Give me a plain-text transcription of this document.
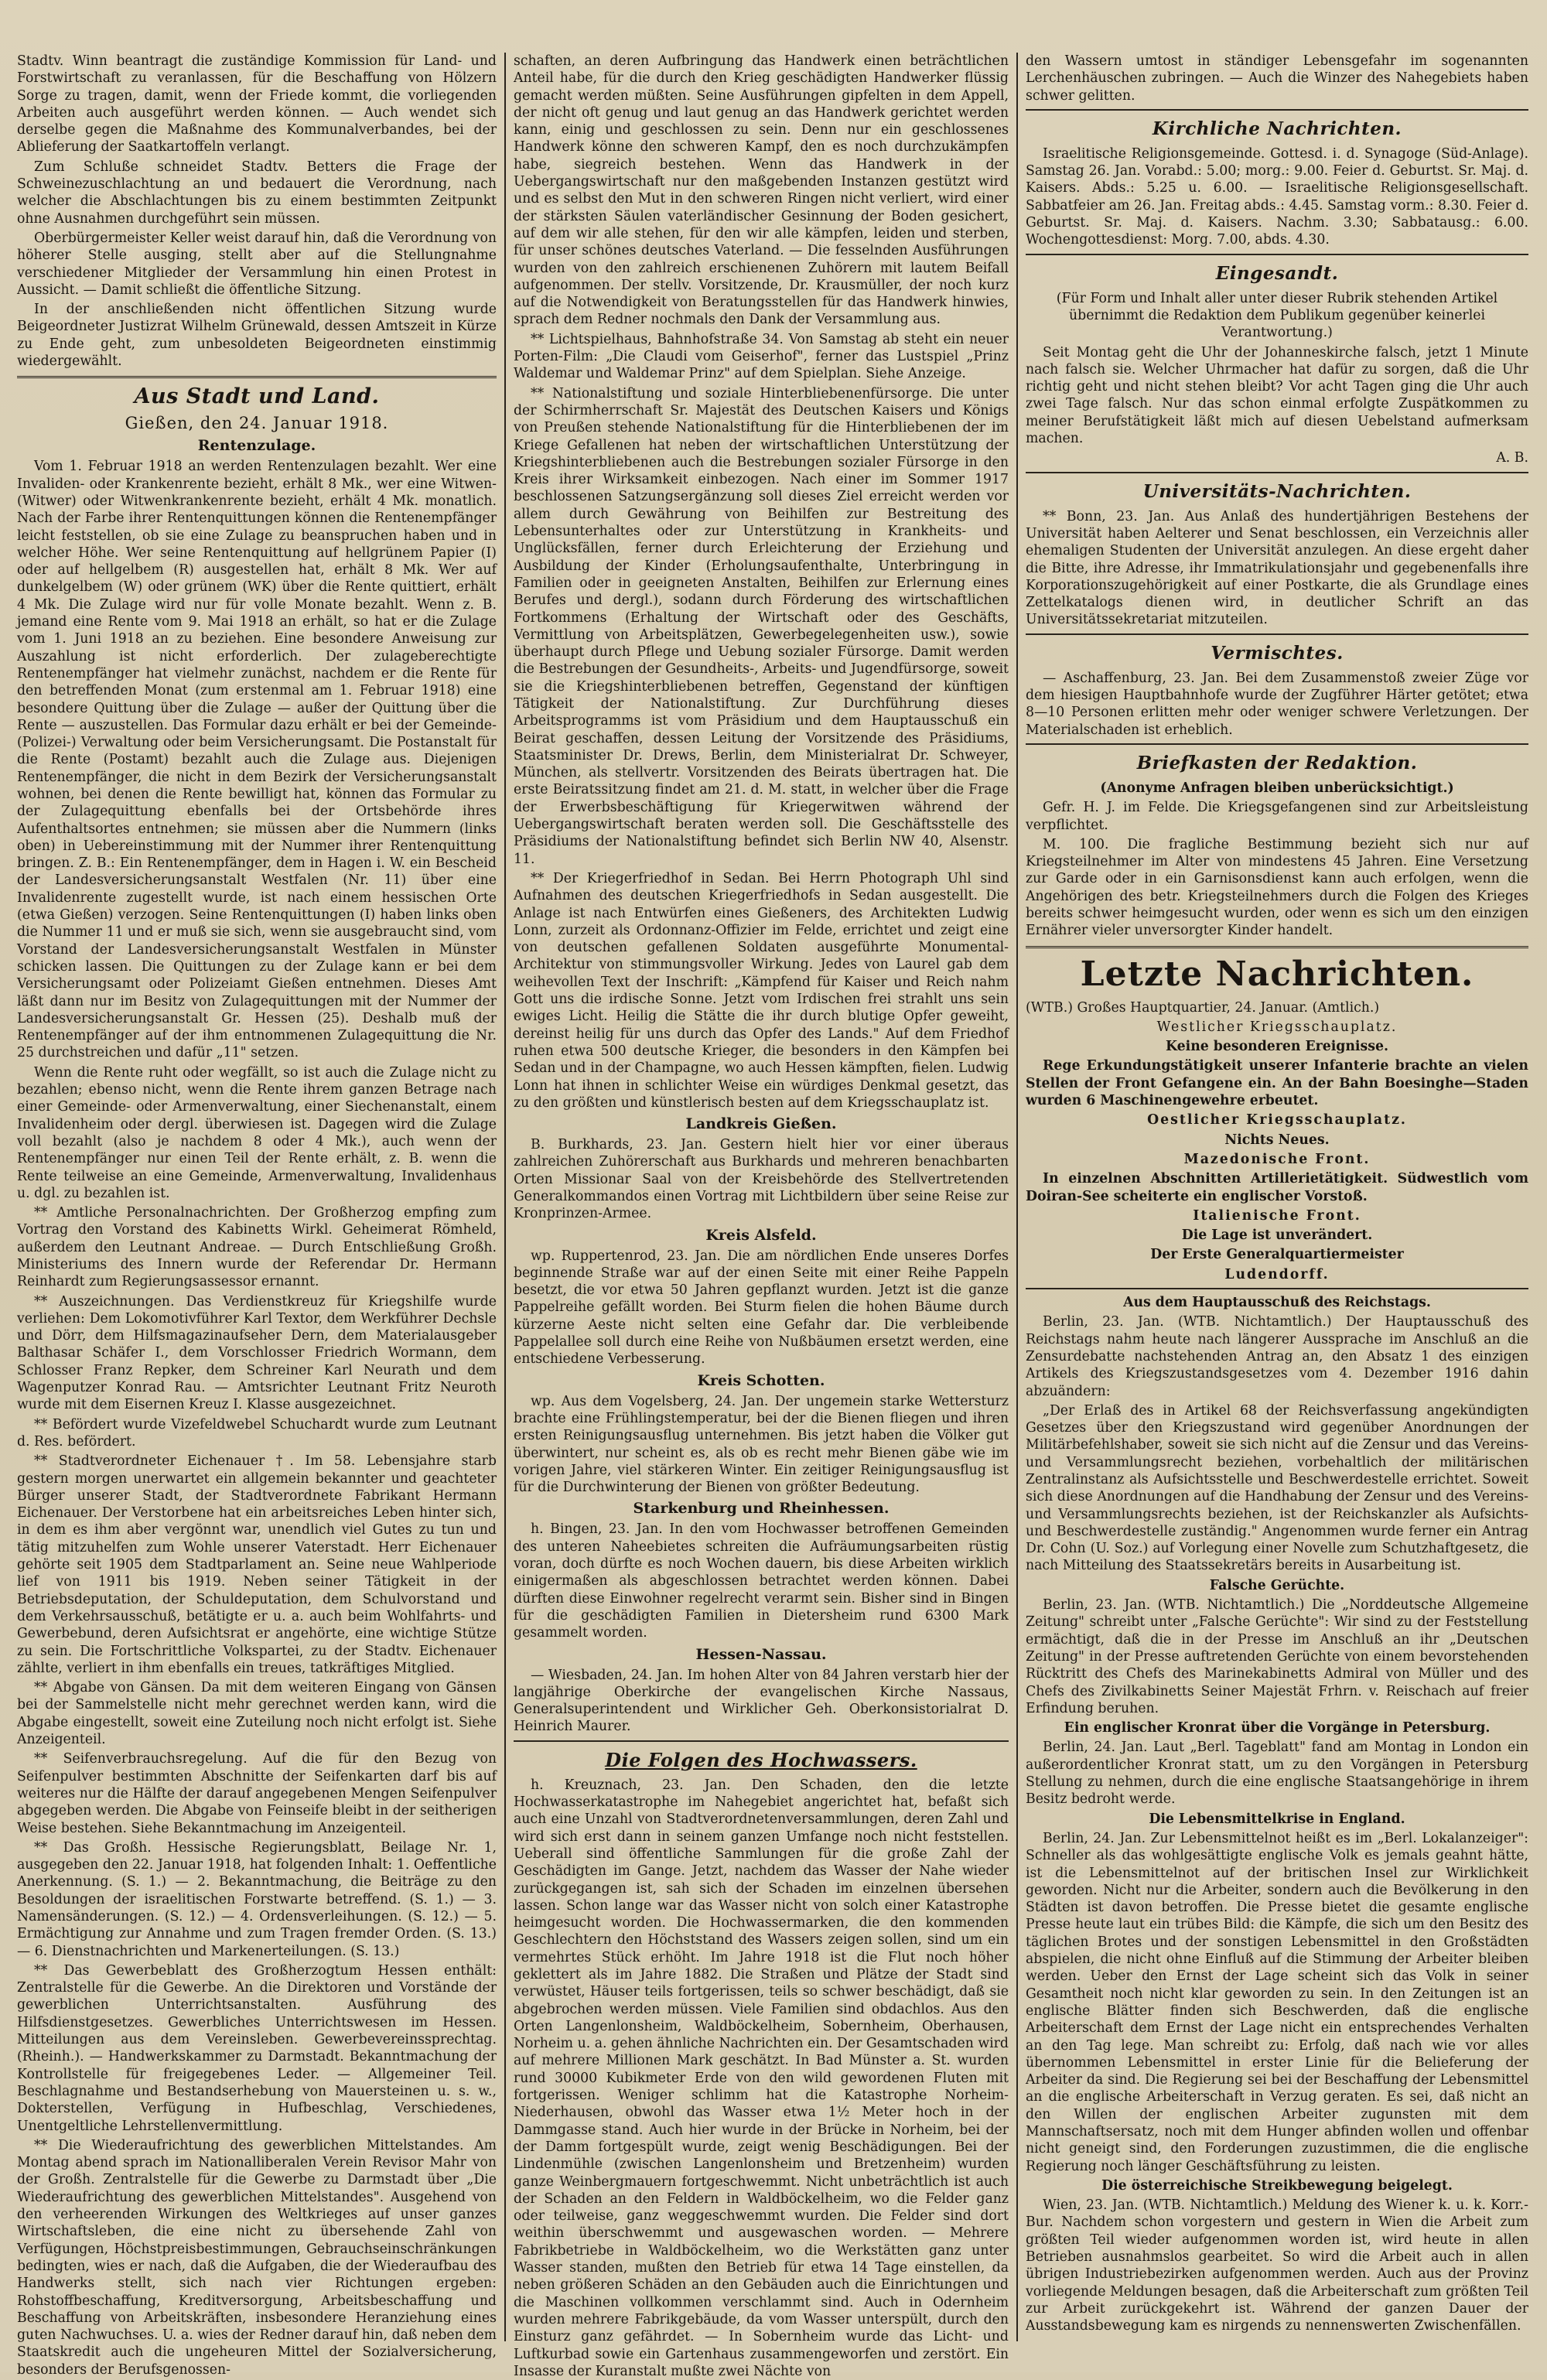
Stadtv. Winn beantragt die zuständige Kommission für Land- und Forstwirtschaft zu veranlassen, für die Beschaffung von Hölzern Sorge zu tragen, damit, wenn der Friede kommt, die vorliegenden Arbeiten auch ausgeführt werden können. — Auch wendet sich derselbe gegen die Maßnahme des Kommunalverbandes, bei der Ablieferung der Saatkartoffeln verlangt.

Zum Schluße schneidet Stadtv. Betters die Frage der Schweinezuschlachtung an und bedauert die Verordnung, nach welcher die Abschlachtungen bis zu einem bestimmten Zeitpunkt ohne Ausnahmen durchgeführt sein müssen.

Oberbürgermeister Keller weist darauf hin, daß die Verordnung von höherer Stelle ausging, stellt aber auf die Stellungnahme verschiedener Mitglieder der Versammlung hin einen Protest in Aussicht. — Damit schließt die öffentliche Sitzung.

In der anschließenden nicht öffentlichen Sitzung wurde Beigeordneter Justizrat Wilhelm Grünewald, dessen Amtszeit in Kürze zu Ende geht, zum unbesoldeten Beigeordneten einstimmig wiedergewählt.

Aus Stadt und Land.
Gießen, den 24. Januar 1918.
Rentenzulage.

Vom 1. Februar 1918 an werden Rentenzulagen bezahlt. Wer eine Invaliden- oder Krankenrente bezieht, erhält 8 Mk., wer eine Witwen- (Witwer) oder Witwenkrankenrente bezieht, erhält 4 Mk. monatlich. Nach der Farbe ihrer Rentenquittungen können die Rentenempfänger leicht feststellen, ob sie eine Zulage zu beanspruchen haben und in welcher Höhe. Wer seine Rentenquittung auf hellgrünem Papier (I) oder auf hellgelbem (R) ausgestellen hat, erhält 8 Mk. Wer auf dunkelgelbem (W) oder grünem (WK) über die Rente quittiert, erhält 4 Mk. Die Zulage wird nur für volle Monate bezahlt. Wenn z. B. jemand eine Rente vom 9. Mai 1918 an erhält, so hat er die Zulage vom 1. Juni 1918 an zu beziehen. Eine besondere Anweisung zur Auszahlung ist nicht erforderlich. Der zulageberechtigte Rentenempfänger hat vielmehr zunächst, nachdem er die Rente für den betreffenden Monat (zum erstenmal am 1. Februar 1918) eine besondere Quittung über die Zulage — außer der Quittung über die Rente — auszustellen. Das Formular dazu erhält er bei der Gemeinde- (Polizei-) Verwaltung oder beim Versicherungsamt. Die Postanstalt für die Rente (Postamt) bezahlt auch die Zulage aus. Diejenigen Rentenempfänger, die nicht in dem Bezirk der Versicherungsanstalt wohnen, bei denen die Rente bewilligt hat, können das Formular zu der Zulagequittung ebenfalls bei der Ortsbehörde ihres Aufenthaltsortes entnehmen; sie müssen aber die Nummern (links oben) in Uebereinstimmung mit der Nummer ihrer Rentenquittung bringen. Z. B.: Ein Rentenempfänger, dem in Hagen i. W. ein Bescheid der Landesversicherungsanstalt Westfalen (Nr. 11) über eine Invalidenrente zugestellt wurde, ist nach einem hessischen Orte (etwa Gießen) verzogen. Seine Rentenquittungen (I) haben links oben die Nummer 11 und er muß sie sich, wenn sie ausgebraucht sind, vom Vorstand der Landesversicherungsanstalt Westfalen in Münster schicken lassen. Die Quittungen zu der Zulage kann er bei dem Versicherungsamt oder Polizeiamt Gießen entnehmen. Dieses Amt läßt dann nur im Besitz von Zulagequittungen mit der Nummer der Landesversicherungsanstalt Gr. Hessen (25). Deshalb muß der Rentenempfänger auf der ihm entnommenen Zulagequittung die Nr. 25 durchstreichen und dafür „11" setzen.

Wenn die Rente ruht oder wegfällt, so ist auch die Zulage nicht zu bezahlen; ebenso nicht, wenn die Rente ihrem ganzen Betrage nach einer Gemeinde- oder Armenverwaltung, einer Siechenanstalt, einem Invalidenheim oder dergl. überwiesen ist. Dagegen wird die Zulage voll bezahlt (also je nachdem 8 oder 4 Mk.), auch wenn der Rentenempfänger nur einen Teil der Rente erhält, z. B. wenn die Rente teilweise an eine Gemeinde, Armenverwaltung, Invalidenhaus u. dgl. zu bezahlen ist.

** Amtliche Personalnachrichten. Der Großherzog empfing zum Vortrag den Vorstand des Kabinetts Wirkl. Geheimerat Römheld, außerdem den Leutnant Andreae. — Durch Entschließung Großh. Ministeriums des Innern wurde der Referendar Dr. Hermann Reinhardt zum Regierungsassessor ernannt.

** Auszeichnungen. Das Verdienstkreuz für Kriegshilfe wurde verliehen: Dem Lokomotivführer Karl Textor, dem Werkführer Dechsle und Dörr, dem Hilfsmagazinaufseher Dern, dem Materialausgeber Balthasar Schäfer I., dem Vorschlosser Friedrich Wormann, dem Schlosser Franz Repker, dem Schreiner Karl Neurath und dem Wagenputzer Konrad Rau. — Amtsrichter Leutnant Fritz Neuroth wurde mit dem Eisernen Kreuz I. Klasse ausgezeichnet.

** Befördert wurde Vizefeldwebel Schuchardt wurde zum Leutnant d. Res. befördert.

** Stadtverordneter Eichenauer †. Im 58. Lebensjahre starb gestern morgen unerwartet ein allgemein bekannter und geachteter Bürger unserer Stadt, der Stadtverordnete Fabrikant Hermann Eichenauer. Der Verstorbene hat ein arbeitsreiches Leben hinter sich, in dem es ihm aber vergönnt war, unendlich viel Gutes zu tun und tätig mitzuhelfen zum Wohle unserer Vaterstadt. Herr Eichenauer gehörte seit 1905 dem Stadtparlament an. Seine neue Wahlperiode lief von 1911 bis 1919. Neben seiner Tätigkeit in der Betriebsdeputation, der Schuldeputation, dem Schulvorstand und dem Verkehrsausschuß, betätigte er u. a. auch beim Wohlfahrts- und Gewerbebund, deren Aufsichtsrat er angehörte, eine wichtige Stütze zu sein. Die Fortschrittliche Volkspartei, zu der Stadtv. Eichenauer zählte, verliert in ihm ebenfalls ein treues, tatkräftiges Mitglied.

** Abgabe von Gänsen. Da mit dem weiteren Eingang von Gänsen bei der Sammelstelle nicht mehr gerechnet werden kann, wird die Abgabe eingestellt, soweit eine Zuteilung noch nicht erfolgt ist. Siehe Anzeigenteil.

** Seifenverbrauchsregelung. Auf die für den Bezug von Seifenpulver bestimmten Abschnitte der Seifenkarten darf bis auf weiteres nur die Hälfte der darauf angegebenen Mengen Seifenpulver abgegeben werden. Die Abgabe von Feinseife bleibt in der seitherigen Weise bestehen. Siehe Bekanntmachung im Anzeigenteil.

** Das Großh. Hessische Regierungsblatt, Beilage Nr. 1, ausgegeben den 22. Januar 1918, hat folgenden Inhalt: 1. Oeffentliche Anerkennung. (S. 1.) — 2. Bekanntmachung, die Beiträge zu den Besoldungen der israelitischen Forstwarte betreffend. (S. 1.) — 3. Namensänderungen. (S. 12.) — 4. Ordensverleihungen. (S. 12.) — 5. Ermächtigung zur Annahme und zum Tragen fremder Orden. (S. 13.) — 6. Dienstnachrichten und Markenerteilungen. (S. 13.)

** Das Gewerbeblatt des Großherzogtum Hessen enthält: Zentralstelle für die Gewerbe. An die Direktoren und Vorstände der gewerblichen Unterrichtsanstalten. Ausführung des Hilfsdienstgesetzes. Gewerbliches Unterrichtswesen im Hessen. Mitteilungen aus dem Vereinsleben. Gewerbevereinssprechtag. (Rheinh.). — Handwerkskammer zu Darmstadt. Bekanntmachung der Kontrollstelle für freigegebenes Leder. — Allgemeiner Teil. Beschlagnahme und Bestandserhebung von Mauersteinen u. s. w., Dokterstellen, Verfügung in Hufbeschlag, Verschiedenes, Unentgeltliche Lehrstellenvermittlung.

** Die Wiederaufrichtung des gewerblichen Mittelstandes. Am Montag abend sprach im Nationalliberalen Verein Revisor Mahr von der Großh. Zentralstelle für die Gewerbe zu Darmstadt über „Die Wiederaufrichtung des gewerblichen Mittelstandes". Ausgehend von den verheerenden Wirkungen des Weltkrieges auf unser ganzes Wirtschaftsleben, die eine nicht zu übersehende Zahl von Verfügungen, Höchstpreisbestimmungen, Gebrauchseinschränkungen bedingten, wies er nach, daß die Aufgaben, die der Wiederaufbau des Handwerks stellt, sich nach vier Richtungen ergeben: Rohstoffbeschaffung, Kreditversorgung, Arbeitsbeschaffung und Beschaffung von Arbeitskräften, insbesondere Heranziehung eines guten Nachwuchses. U. a. wies der Redner darauf hin, daß neben dem Staatskredit auch die ungeheuren Mittel der Sozialversicherung, besonders der Berufsgenossen-

schaften, an deren Aufbringung das Handwerk einen beträchtlichen Anteil habe, für die durch den Krieg geschädigten Handwerker flüssig gemacht werden müßten. Seine Ausführungen gipfelten in dem Appell, der nicht oft genug und laut genug an das Handwerk gerichtet werden kann, einig und geschlossen zu sein. Denn nur ein geschlossenes Handwerk könne den schweren Kampf, den es noch durchzukämpfen habe, siegreich bestehen. Wenn das Handwerk in der Uebergangswirtschaft nur den maßgebenden Instanzen gestützt wird und es selbst den Mut in den schweren Ringen nicht verliert, wird einer der stärksten Säulen vaterländischer Gesinnung der Boden gesichert, auf dem wir alle stehen, für den wir alle kämpfen, leiden und sterben, für unser schönes deutsches Vaterland. — Die fesselnden Ausführungen wurden von den zahlreich erschienenen Zuhörern mit lautem Beifall aufgenommen. Der stellv. Vorsitzende, Dr. Krausmüller, der noch kurz auf die Notwendigkeit von Beratungsstellen für das Handwerk hinwies, sprach dem Redner nochmals den Dank der Versammlung aus.

** Lichtspielhaus, Bahnhofstraße 34. Von Samstag ab steht ein neuer Porten-Film: „Die Claudi vom Geiserhof", ferner das Lustspiel „Prinz Waldemar und Waldemar Prinz" auf dem Spielplan. Siehe Anzeige.

** Nationalstiftung und soziale Hinterbliebenenfürsorge. Die unter der Schirmherrschaft Sr. Majestät des Deutschen Kaisers und Königs von Preußen stehende Nationalstiftung für die Hinterbliebenen der im Kriege Gefallenen hat neben der wirtschaftlichen Unterstützung der Kriegshinterbliebenen auch die Bestrebungen sozialer Fürsorge in den Kreis ihrer Wirksamkeit einbezogen. Nach einer im Sommer 1917 beschlossenen Satzungsergänzung soll dieses Ziel erreicht werden vor allem durch Gewährung von Beihilfen zur Bestreitung des Lebensunterhaltes oder zur Unterstützung in Krankheits- und Unglücksfällen, ferner durch Erleichterung der Erziehung und Ausbildung der Kinder (Erholungsaufenthalte, Unterbringung in Familien oder in geeigneten Anstalten, Beihilfen zur Erlernung eines Berufes und dergl.), sodann durch Förderung des wirtschaftlichen Fortkommens (Erhaltung der Wirtschaft oder des Geschäfts, Vermittlung von Arbeitsplätzen, Gewerbegelegenheiten usw.), sowie überhaupt durch Pflege und Uebung sozialer Fürsorge. Damit werden die Bestrebungen der Gesundheits-, Arbeits- und Jugendfürsorge, soweit sie die Kriegshinterbliebenen betreffen, Gegenstand der künftigen Tätigkeit der Nationalstiftung. Zur Durchführung dieses Arbeitsprogramms ist vom Präsidium und dem Hauptausschuß ein Beirat geschaffen, dessen Leitung der Vorsitzende des Präsidiums, Staatsminister Dr. Drews, Berlin, dem Ministerialrat Dr. Schweyer, München, als stellvertr. Vorsitzenden des Beirats übertragen hat. Die erste Beiratssitzung findet am 21. d. M. statt, in welcher über die Frage der Erwerbsbeschäftigung für Kriegerwitwen während der Uebergangswirtschaft beraten werden soll. Die Geschäftsstelle des Präsidiums der Nationalstiftung befindet sich Berlin NW 40, Alsenstr. 11.

** Der Kriegerfriedhof in Sedan. Bei Herrn Photograph Uhl sind Aufnahmen des deutschen Kriegerfriedhofs in Sedan ausgestellt. Die Anlage ist nach Entwürfen eines Gießeners, des Architekten Ludwig Lonn, zurzeit als Ordonnanz-Offizier im Felde, errichtet und zeigt eine von deutschen gefallenen Soldaten ausgeführte Monumental-Architektur von stimmungsvoller Wirkung. Jedes von Laurel gab dem weihevollen Text der Inschrift: „Kämpfend für Kaiser und Reich nahm Gott uns die irdische Sonne. Jetzt vom Irdischen frei strahlt uns sein ewiges Licht. Heilig die Stätte die ihr durch blutige Opfer geweiht, dereinst heilig für uns durch das Opfer des Lands." Auf dem Friedhof ruhen etwa 500 deutsche Krieger, die besonders in den Kämpfen bei Sedan und in der Champagne, wo auch Hessen kämpften, fielen. Ludwig Lonn hat ihnen in schlichter Weise ein würdiges Denkmal gesetzt, das zu den größten und künstlerisch besten auf dem Kriegsschauplatz ist.

Landkreis Gießen.

B. Burkhards, 23. Jan. Gestern hielt hier vor einer überaus zahlreichen Zuhörerschaft aus Burkhards und mehreren benachbarten Orten Missionar Saal von der Kreisbehörde des Stellvertretenden Generalkommandos einen Vortrag mit Lichtbildern über seine Reise zur Kronprinzen-Armee.

Kreis Alsfeld.

wp. Ruppertenrod, 23. Jan. Die am nördlichen Ende unseres Dorfes beginnende Straße war auf der einen Seite mit einer Reihe Pappeln besetzt, die vor etwa 50 Jahren gepflanzt wurden. Jetzt ist die ganze Pappelreihe gefällt worden. Bei Sturm fielen die hohen Bäume durch kürzerne Aeste nicht selten eine Gefahr dar. Die verbleibende Pappelallee soll durch eine Reihe von Nußbäumen ersetzt werden, eine entschiedene Verbesserung.

Kreis Schotten.

wp. Aus dem Vogelsberg, 24. Jan. Der ungemein starke Wettersturz brachte eine Frühlingstemperatur, bei der die Bienen fliegen und ihren ersten Reinigungsausflug unternehmen. Bis jetzt haben die Völker gut überwintert, nur scheint es, als ob es recht mehr Bienen gäbe wie im vorigen Jahre, viel stärkeren Winter. Ein zeitiger Reinigungsausflug ist für die Durchwinterung der Bienen von größter Bedeutung.

Starkenburg und Rheinhessen.

h. Bingen, 23. Jan. In den vom Hochwasser betroffenen Gemeinden des unteren Naheebietes schreiten die Aufräumungsarbeiten rüstig voran, doch dürfte es noch Wochen dauern, bis diese Arbeiten wirklich einigermaßen als abgeschlossen betrachtet werden können. Dabei dürften diese Einwohner regelrecht verarmt sein. Bisher sind in Bingen für die geschädigten Familien in Dietersheim rund 6300 Mark gesammelt worden.

Hessen-Nassau.

— Wiesbaden, 24. Jan. Im hohen Alter von 84 Jahren verstarb hier der langjährige Oberkirche der evangelischen Kirche Nassaus, Generalsuperintendent und Wirklicher Geh. Oberkonsistorialrat D. Heinrich Maurer.

Die Folgen des Hochwassers.

h. Kreuznach, 23. Jan. Den Schaden, den die letzte Hochwasserkatastrophe im Nahegebiet angerichtet hat, befaßt sich auch eine Unzahl von Stadtverordnetenversammlungen, deren Zahl und wird sich erst dann in seinem ganzen Umfange noch nicht feststellen. Ueberall sind öffentliche Sammlungen für die große Zahl der Geschädigten im Gange. Jetzt, nachdem das Wasser der Nahe wieder zurückgegangen ist, sah sich der Schaden im einzelnen übersehen lassen. Schon lange war das Wasser nicht von solch einer Katastrophe heimgesucht worden. Die Hochwassermarken, die den kommenden Geschlechtern den Höchststand des Wassers zeigen sollen, sind um ein vermehrtes Stück erhöht. Im Jahre 1918 ist die Flut noch höher geklettert als im Jahre 1882. Die Straßen und Plätze der Stadt sind verwüstet, Häuser teils fortgerissen, teils so schwer beschädigt, daß sie abgebrochen werden müssen. Viele Familien sind obdachlos. Aus den Orten Langenlonsheim, Waldböckelheim, Sobernheim, Oberhausen, Norheim u. a. gehen ähnliche Nachrichten ein. Der Gesamtschaden wird auf mehrere Millionen Mark geschätzt. In Bad Münster a. St. wurden rund 30000 Kubikmeter Erde von den wild gewordenen Fluten mit fortgerissen. Weniger schlimm hat die Katastrophe Norheim-Niederhausen, obwohl das Wasser etwa 1½ Meter hoch in der Dammgasse stand. Auch hier wurde in der Brücke in Norheim, bei der der Damm fortgespült wurde, zeigt wenig Beschädigungen. Bei der Lindenmühle (zwischen Langenlonsheim und Bretzenheim) wurden ganze Weinbergmauern fortgeschwemmt. Nicht unbeträchtlich ist auch der Schaden an den Feldern in Waldböckelheim, wo die Felder ganz oder teilweise, ganz weggeschwemmt wurden. Die Felder sind dort weithin überschwemmt und ausgewaschen worden. — Mehrere Fabrikbetriebe in Waldböckelheim, wo die Werkstätten ganz unter Wasser standen, mußten den Betrieb für etwa 14 Tage einstellen, da neben größeren Schäden an den Gebäuden auch die Einrichtungen und die Maschinen vollkommen verschlammt sind. Auch in Odernheim wurden mehrere Fabrikgebäude, da vom Wasser unterspült, durch den Einsturz ganz gefährdet. — In Sobernheim wurde das Licht- und Luftkurbad sowie ein Gartenhaus zusammengeworfen und zerstört. Ein Insasse der Kuranstalt mußte zwei Nächte von

den Wassern umtost in ständiger Lebensgefahr im sogenannten Lerchenhäuschen zubringen. — Auch die Winzer des Nahegebiets haben schwer gelitten.

Kirchliche Nachrichten.

Israelitische Religionsgemeinde. Gottesd. i. d. Synagoge (Süd-Anlage). Samstag 26. Jan. Vorabd.: 5.00; morg.: 9.00. Feier d. Geburtst. Sr. Maj. d. Kaisers. Abds.: 5.25 u. 6.00. — Israelitische Religionsgesellschaft. Sabbatfeier am 26. Jan. Freitag abds.: 4.45. Samstag vorm.: 8.30. Feier d. Geburtst. Sr. Maj. d. Kaisers. Nachm. 3.30; Sabbatausg.: 6.00. Wochengottesdienst: Morg. 7.00, abds. 4.30.

Eingesandt.

(Für Form und Inhalt aller unter dieser Rubrik stehenden Artikel übernimmt die Redaktion dem Publikum gegenüber keinerlei Verantwortung.)

Seit Montag geht die Uhr der Johanneskirche falsch, jetzt 1 Minute nach falsch sie. Welcher Uhrmacher hat dafür zu sorgen, daß die Uhr richtig geht und nicht stehen bleibt? Vor acht Tagen ging die Uhr auch zwei Tage falsch. Nur das schon einmal erfolgte Zuspätkommen zu meiner Berufstätigkeit läßt mich auf diesen Uebelstand aufmerksam machen.

A. B.

Universitäts-Nachrichten.

** Bonn, 23. Jan. Aus Anlaß des hundertjährigen Bestehens der Universität haben Aelterer und Senat beschlossen, ein Verzeichnis aller ehemaligen Studenten der Universität anzulegen. An diese ergeht daher die Bitte, ihre Adresse, ihr Immatrikulationsjahr und gegebenenfalls ihre Korporationszugehörigkeit auf einer Postkarte, die als Grundlage eines Zettelkatalogs dienen wird, in deutlicher Schrift an das Universitätssekretariat mitzuteilen.

Vermischtes.

— Aschaffenburg, 23. Jan. Bei dem Zusammenstoß zweier Züge vor dem hiesigen Hauptbahnhofe wurde der Zugführer Härter getötet; etwa 8—10 Personen erlitten mehr oder weniger schwere Verletzungen. Der Materialschaden ist erheblich.

Briefkasten der Redaktion.

(Anonyme Anfragen bleiben unberücksichtigt.)

Gefr. H. J. im Felde. Die Kriegsgefangenen sind zur Arbeitsleistung verpflichtet.

M. 100. Die fragliche Bestimmung bezieht sich nur auf Kriegsteilnehmer im Alter von mindestens 45 Jahren. Eine Versetzung zur Garde oder in ein Garnisonsdienst kann auch erfolgen, wenn die Angehörigen des betr. Kriegsteilnehmers durch die Folgen des Krieges bereits schwer heimgesucht wurden, oder wenn es sich um den einzigen Ernährer vieler unversorgter Kinder handelt.

Letzte Nachrichten.

(WTB.) Großes Hauptquartier, 24. Januar. (Amtlich.)

Westlicher Kriegsschauplatz.

Keine besonderen Ereignisse.

Rege Erkundungstätigkeit unserer Infanterie brachte an vielen Stellen der Front Gefangene ein. An der Bahn Boesinghe—Staden wurden 6 Maschinengewehre erbeutet.

Oestlicher Kriegsschauplatz.

Nichts Neues.

Mazedonische Front.

In einzelnen Abschnitten Artillerietätigkeit. Südwestlich vom Doiran-See scheiterte ein englischer Vorstoß.

Italienische Front.

Die Lage ist unverändert.

Der Erste Generalquartiermeister

Ludendorff.

Aus dem Hauptausschuß des Reichstags.

Berlin, 23. Jan. (WTB. Nichtamtlich.) Der Hauptausschuß des Reichstags nahm heute nach längerer Aussprache im Anschluß an die Zensurdebatte nachstehenden Antrag an, den Absatz 1 des einzigen Artikels des Kriegszustandsgesetzes vom 4. Dezember 1916 dahin abzuändern:

„Der Erlaß des in Artikel 68 der Reichsverfassung angekündigten Gesetzes über den Kriegszustand wird gegenüber Anordnungen der Militärbefehlshaber, soweit sie sich nicht auf die Zensur und das Vereins- und Versammlungsrecht beziehen, vorbehaltlich der militärischen Zentralinstanz als Aufsichtsstelle und Beschwerdestelle errichtet. Soweit sich diese Anordnungen auf die Handhabung der Zensur und des Vereins- und Versammlungsrechts beziehen, ist der Reichskanzler als Aufsichts- und Beschwerdestelle zuständig." Angenommen wurde ferner ein Antrag Dr. Cohn (U. Soz.) auf Vorlegung einer Novelle zum Schutzhaftgesetz, die nach Mitteilung des Staatssekretärs bereits in Ausarbeitung ist.

Falsche Gerüchte.

Berlin, 23. Jan. (WTB. Nichtamtlich.) Die „Norddeutsche Allgemeine Zeitung" schreibt unter „Falsche Gerüchte": Wir sind zu der Feststellung ermächtigt, daß die in der Presse im Anschluß an ihr „Deutschen Zeitung" in der Presse auftretenden Gerüchte von einem bevorstehenden Rücktritt des Chefs des Marinekabinetts Admiral von Müller und des Chefs des Zivilkabinetts Seiner Majestät Frhrn. v. Reischach auf freier Erfindung beruhen.

Ein englischer Kronrat über die Vorgänge in Petersburg.

Berlin, 24. Jan. Laut „Berl. Tageblatt" fand am Montag in London ein außerordentlicher Kronrat statt, um zu den Vorgängen in Petersburg Stellung zu nehmen, durch die eine englische Staatsangehörige in ihrem Besitz bedroht werde.

Die Lebensmittelkrise in England.

Berlin, 24. Jan. Zur Lebensmittelnot heißt es im „Berl. Lokalanzeiger": Schneller als das wohlgesättigte englische Volk es jemals geahnt hätte, ist die Lebensmittelnot auf der britischen Insel zur Wirklichkeit geworden. Nicht nur die Arbeiter, sondern auch die Bevölkerung in den Städten ist davon betroffen. Die Presse bietet die gesamte englische Presse heute laut ein trübes Bild: die Kämpfe, die sich um den Besitz des täglichen Brotes und der sonstigen Lebensmittel in den Großstädten abspielen, die nicht ohne Einfluß auf die Stimmung der Arbeiter bleiben werden. Ueber den Ernst der Lage scheint sich das Volk in seiner Gesamtheit noch nicht klar geworden zu sein. In den Zeitungen ist an englische Blätter finden sich Beschwerden, daß die englische Arbeiterschaft dem Ernst der Lage nicht ein entsprechendes Verhalten an den Tag lege. Man schreibt zu: Erfolg, daß nach wie vor alles übernommen Lebensmittel in erster Linie für die Belieferung der Arbeiter da sind. Die Regierung sei bei der Beschaffung der Lebensmittel an die englische Arbeiterschaft in Verzug geraten. Es sei, daß nicht an den Willen der englischen Arbeiter zugunsten mit dem Mannschaftsersatz, noch mit dem Hunger abfinden wollen und offenbar nicht geneigt sind, den Forderungen zuzustimmen, die die englische Regierung noch länger Geschäftsführung zu leisten.

Die österreichische Streikbewegung beigelegt.

Wien, 23. Jan. (WTB. Nichtamtlich.) Meldung des Wiener k. u. k. Korr.-Bur. Nachdem schon vorgestern und gestern in Wien die Arbeit zum größten Teil wieder aufgenommen worden ist, wird heute in allen Betrieben ausnahmslos gearbeitet. So wird die Arbeit auch in allen übrigen Industriebezirken aufgenommen werden. Auch aus der Provinz vorliegende Meldungen besagen, daß die Arbeiterschaft zum größten Teil zur Arbeit zurückgekehrt ist. Während der ganzen Dauer der Ausstandsbewegung kam es nirgends zu nennenswerten Zwischenfällen.
